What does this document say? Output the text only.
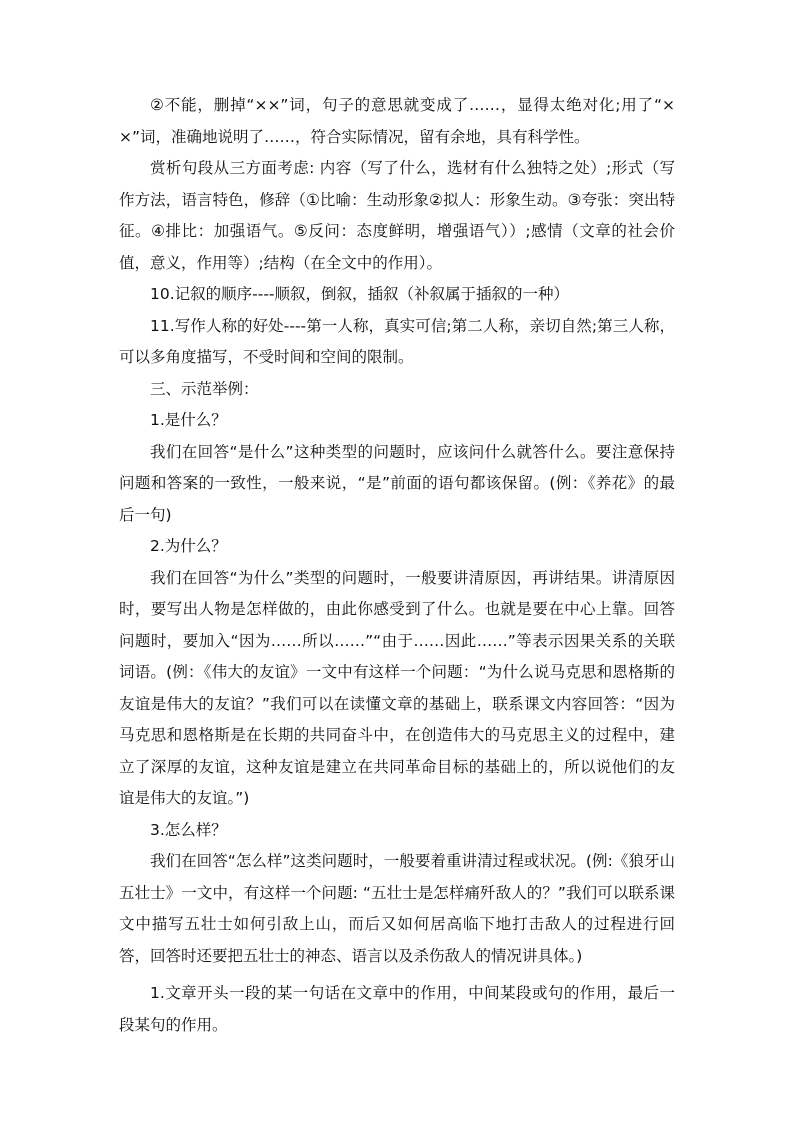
②不能，删掉“××”词，句子的意思就变成了……，显得太绝对化;用了“××”词，准确地说明了……，符合实际情况，留有余地，具有科学性。

赏析句段从三方面考虑: 内容（写了什么，选材有什么独特之处）;形式（写作方法，语言特色，修辞（①比喻：生动形象②拟人：形象生动。③夸张：突出特征。④排比：加强语气。⑤反问：态度鲜明，增强语气））;感情（文章的社会价值，意义，作用等）;结构（在全文中的作用）。

10.记叙的顺序----顺叙，倒叙，插叙（补叙属于插叙的一种）

11.写作人称的好处----第一人称，真实可信;第二人称，亲切自然;第三人称，可以多角度描写，不受时间和空间的限制。

三、示范举例：

1.是什么？

我们在回答“是什么”这种类型的问题时，应该问什么就答什么。要注意保持问题和答案的一致性，一般来说，“是”前面的语句都该保留。(例：《养花》的最后一句)

2.为什么？

我们在回答“为什么”类型的问题时，一般要讲清原因，再讲结果。讲清原因时，要写出人物是怎样做的，由此你感受到了什么。也就是要在中心上靠。回答问题时，要加入“因为……所以……”“由于……因此……”等表示因果关系的关联词语。(例：《伟大的友谊》一文中有这样一个问题：“为什么说马克思和恩格斯的友谊是伟大的友谊？”我们可以在读懂文章的基础上，联系课文内容回答：“因为马克思和恩格斯是在长期的共同奋斗中，在创造伟大的马克思主义的过程中，建立了深厚的友谊，这种友谊是建立在共同革命目标的基础上的，所以说他们的友谊是伟大的友谊。”)

3.怎么样？

我们在回答“怎么样”这类问题时，一般要着重讲清过程或状况。(例:《狼牙山五壮士》一文中，有这样一个问题: “五壮士是怎样痛歼敌人的？”我们可以联系课文中描写五壮士如何引敌上山，而后又如何居高临下地打击敌人的过程进行回答，回答时还要把五壮士的神态、语言以及杀伤敌人的情况讲具体。)

1.文章开头一段的某一句话在文章中的作用，中间某段或句的作用，最后一段某句的作用。
